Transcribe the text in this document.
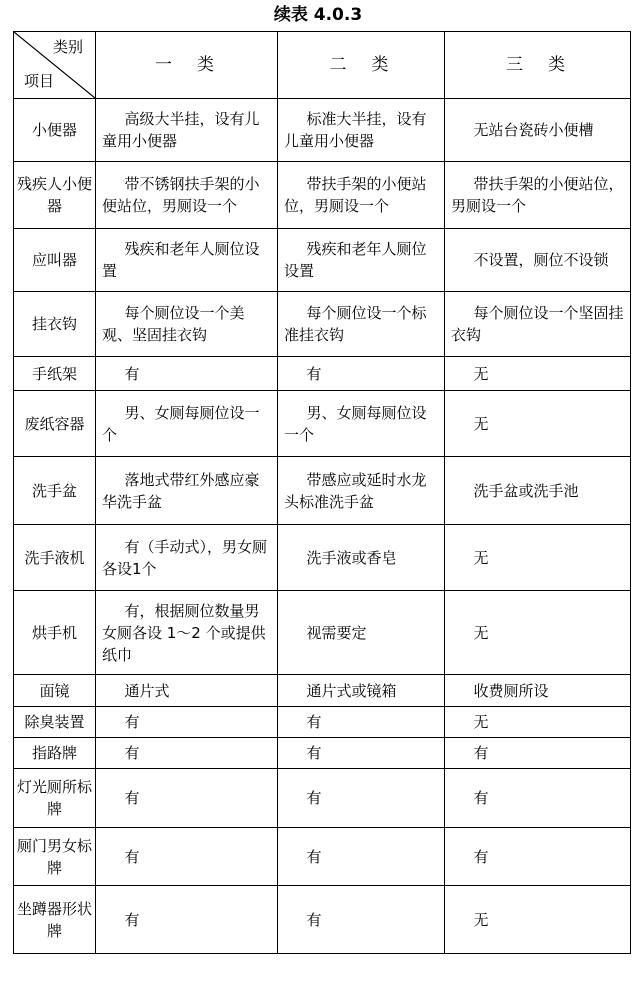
续表 4.0.3
类别
项目	一　类	二　类	三　类
小便器	高级大半挂，设有儿童用小便器	标准大半挂，设有儿童用小便器	无站台瓷砖小便槽

残疾人小便器	带不锈钢扶手架的小便站位，男厕设一个	带扶手架的小便站位，男厕设一个	带扶手架的小便站位，男厕设一个

应叫器	残疾和老年人厕位设置	残疾和老年人厕位设置	不设置，厕位不设锁

挂衣钩	每个厕位设一个美观、坚固挂衣钩	每个厕位设一个标准挂衣钩	每个厕位设一个坚固挂衣钩

手纸架	有	有	无

废纸容器	男、女厕每厕位设一个	男、女厕每厕位设一个	无

洗手盆	落地式带红外感应豪华洗手盆	带感应或延时水龙头标准洗手盆	洗手盆或洗手池

洗手液机	有（手动式），男女厕各设1个	洗手液或香皂	无

烘手机	有，根据厕位数量男女厕各设 1～2 个或提供纸巾	视需要定	无

面镜	通片式	通片式或镜箱	收费厕所设

除臭装置	有	有	无

指路牌	有	有	有

灯光厕所标牌	有	有	有

厕门男女标牌	有	有	有

坐蹲器形状牌	有	有	无
